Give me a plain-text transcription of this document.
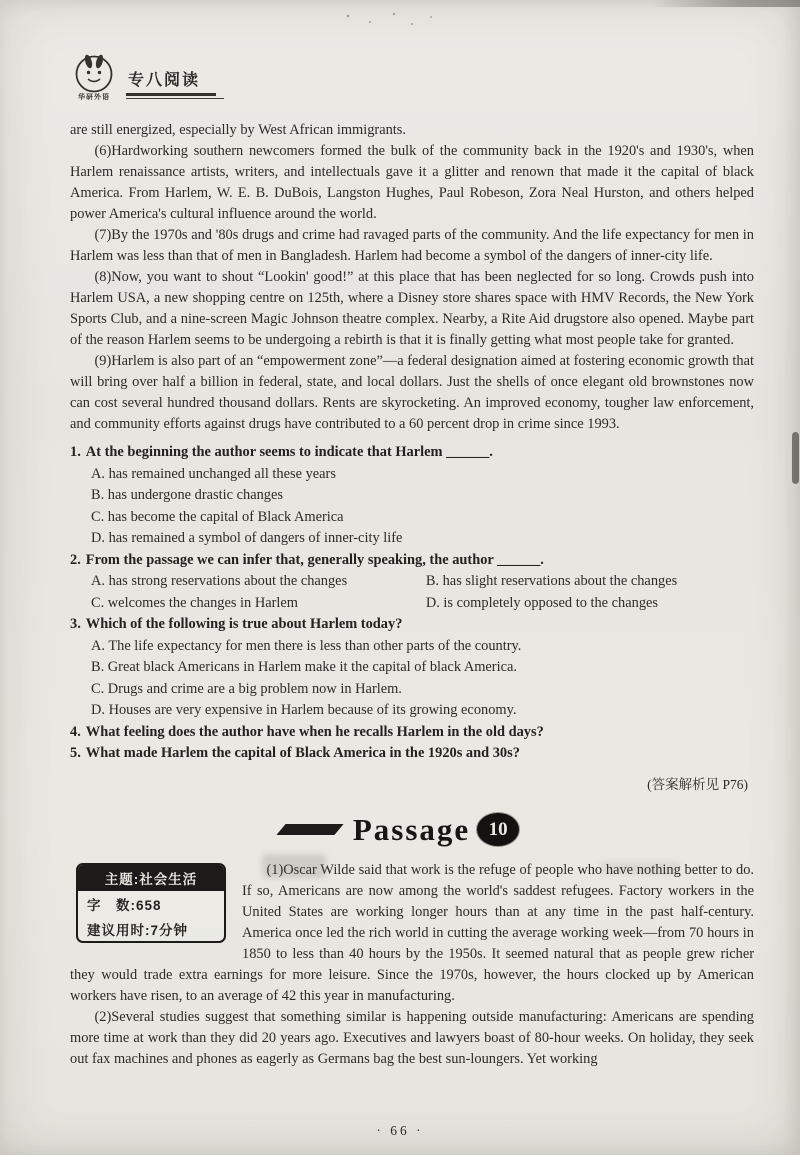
华研外语
专八阅读

are still energized, especially by West African immigrants.

(6)Hardworking southern newcomers formed the bulk of the community back in the 1920's and 1930's, when Harlem renaissance artists, writers, and intellectuals gave it a glitter and renown that made it the capital of black America. From Harlem, W. E. B. DuBois, Langston Hughes, Paul Robeson, Zora Neal Hurston, and others helped power America's cultural influence around the world.

(7)By the 1970s and '80s drugs and crime had ravaged parts of the community. And the life expectancy for men in Harlem was less than that of men in Bangladesh. Harlem had become a symbol of the dangers of inner-city life.

(8)Now, you want to shout “Lookin' good!” at this place that has been neglected for so long. Crowds push into Harlem USA, a new shopping centre on 125th, where a Disney store shares space with HMV Records, the New York Sports Club, and a nine-screen Magic Johnson theatre complex. Nearby, a Rite Aid drugstore also opened. Maybe part of the reason Harlem seems to be undergoing a rebirth is that it is finally getting what most people take for granted.

(9)Harlem is also part of an “empowerment zone”—a federal designation aimed at fostering economic growth that will bring over half a billion in federal, state, and local dollars. Just the shells of once elegant old brownstones now can cost several hundred thousand dollars. Rents are skyrocketing. An improved economy, tougher law enforcement, and community efforts against drugs have contributed to a 60 percent drop in crime since 1993.

1. At the beginning the author seems to indicate that Harlem ______.

A. has remained unchanged all these years

B. has undergone drastic changes

C. has become the capital of Black America

D. has remained a symbol of dangers of inner-city life

2. From the passage we can infer that, generally speaking, the author ______.

A. has strong reservations about the changes	B. has slight reservations about the changes

C. welcomes the changes in Harlem	D. is completely opposed to the changes

3. Which of the following is true about Harlem today?

A. The life expectancy for men there is less than other parts of the country.

B. Great black Americans in Harlem make it the capital of black America.

C. Drugs and crime are a big problem now in Harlem.

D. Houses are very expensive in Harlem because of its growing economy.

4. What feeling does the author have when he recalls Harlem in the old days?

5. What made Harlem the capital of Black America in the 1920s and 30s?

(答案解析见 P76)

Passage 10
主题:社会生活
字　数:658
建议用时:7分钟

(1)Oscar Wilde said that work is the refuge of people who have nothing better to do. If so, Americans are now among the world's saddest refugees. Factory workers in the United States are working longer hours than at any time in the past half-century. America once led the rich world in cutting the average working week—from 70 hours in 1850 to less than 40 hours by the 1950s. It seemed natural that as people grew richer they would trade extra earnings for more leisure. Since the 1970s, however, the hours clocked up by American workers have risen, to an average of 42 this year in manufacturing.

(2)Several studies suggest that something similar is happening outside manufacturing: Americans are spending more time at work than they did 20 years ago. Executives and lawyers boast of 80-hour weeks. On holiday, they seek out fax machines and phones as eagerly as Germans bag the best sun-loungers. Yet working

· 66 ·
